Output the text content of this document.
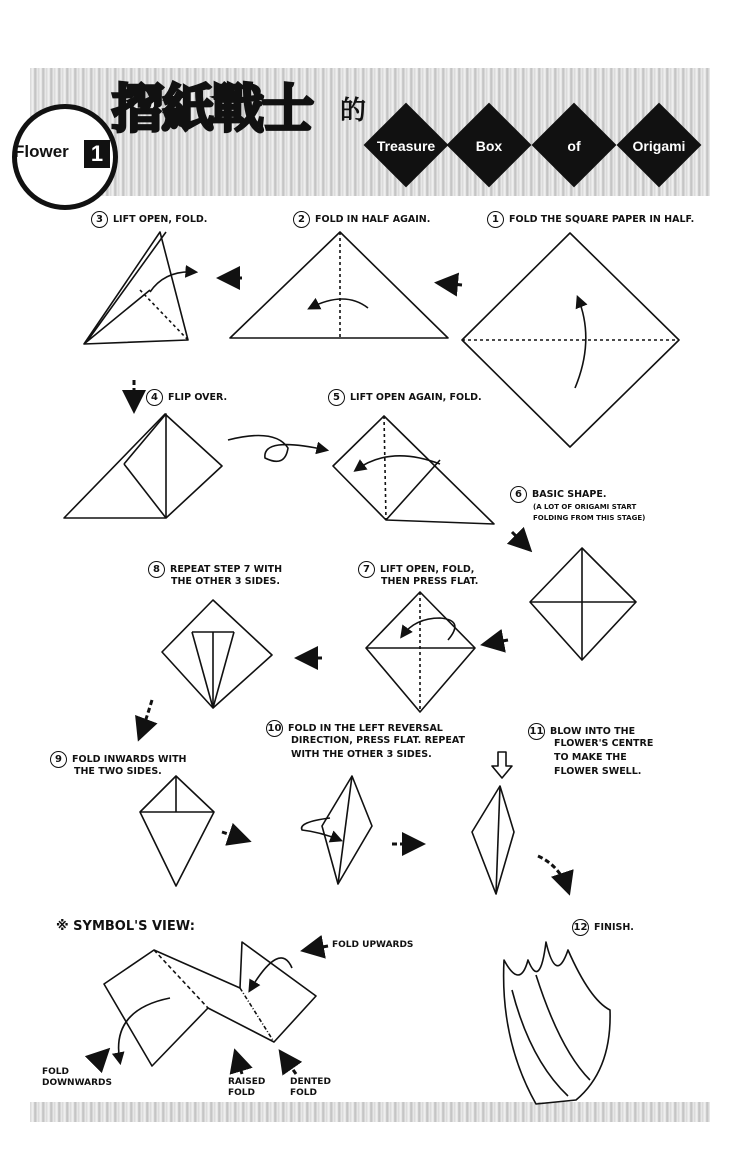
Flower	1
摺紙戰士 的
Treasure	Box	of	Origami
1 FOLD THE SQUARE PAPER IN HALF.
2 FOLD IN HALF AGAIN.
3 LIFT OPEN, FOLD.
4 FLIP OVER.	5 LIFT OPEN AGAIN, FOLD.
6 BASIC SHAPE.
(A LOT OF ORIGAMI START
FOLDING FROM THIS STAGE)
7 LIFT OPEN, FOLD,
THEN PRESS FLAT.
8 REPEAT STEP 7 WITH
THE OTHER 3 SIDES.
9 FOLD INWARDS WITH
THE TWO SIDES.
10 FOLD IN THE LEFT REVERSAL
DIRECTION, PRESS FLAT. REPEAT
WITH THE OTHER 3 SIDES.
11 BLOW INTO THE
FLOWER'S CENTRE
TO MAKE THE
FLOWER SWELL.
12 FINISH.
※ SYMBOL'S VIEW:
FOLD UPWARDS
FOLD
DOWNWARDS	RAISED
FOLD
DENTED
FOLD
